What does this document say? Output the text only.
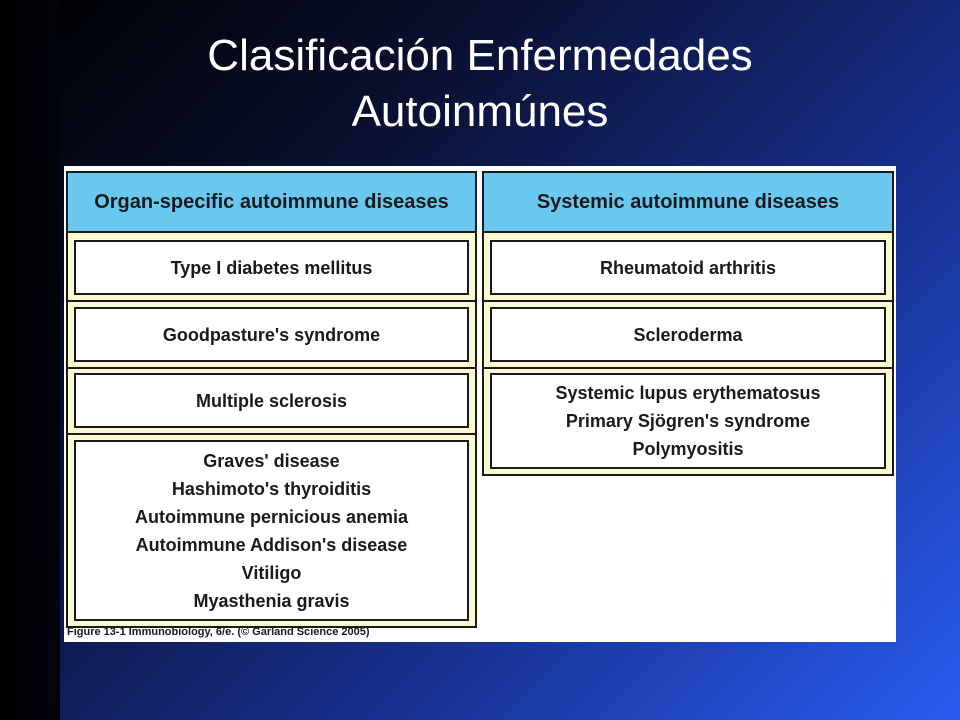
Clasificación Enfermedades
Autoinmúnes
Organ-specific autoimmune diseases
Type I diabetes mellitus
Goodpasture's syndrome
Multiple sclerosis
Graves' disease
Hashimoto's thyroiditis
Autoimmune pernicious anemia
Autoimmune Addison's disease
Vitiligo
Myasthenia gravis
Systemic autoimmune diseases
Rheumatoid arthritis
Scleroderma
Systemic lupus erythematosus
Primary Sjögren's syndrome
Polymyositis
Figure 13-1 Immunobiology, 6/e. (© Garland Science 2005)
